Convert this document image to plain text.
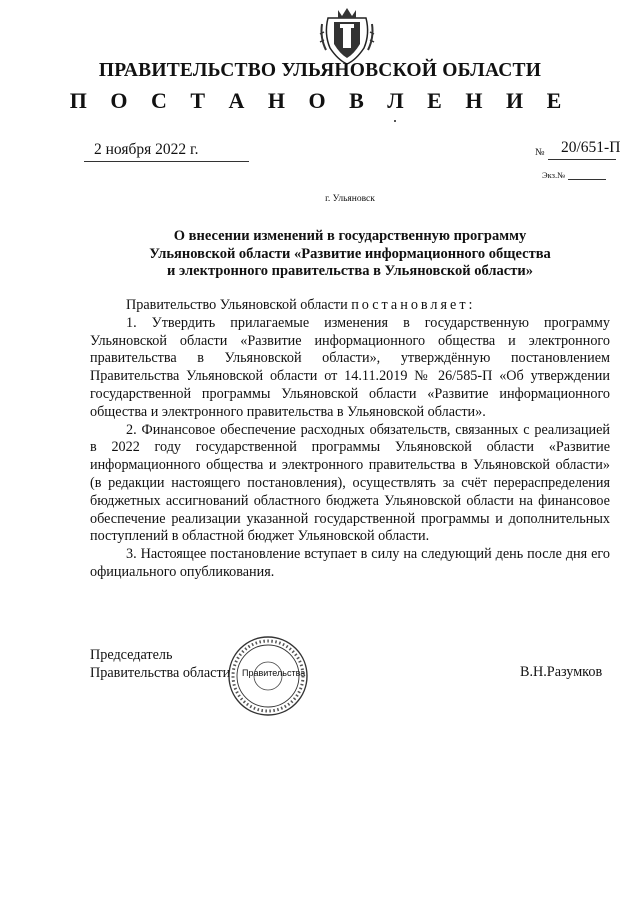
ПРАВИТЕЛЬСТВО УЛЬЯНОВСКОЙ ОБЛАСТИ
П О С Т А Н О В Л Е Н И Е
2 ноября 2022 г.	№ 20/651-П
Экз.№
г. Ульяновск
О внесении изменений в государственную программу
Ульяновской области «Развитие информационного общества
и электронного правительства в Ульяновской области»

Правительство Ульяновской области постановляет:

1. Утвердить прилагаемые изменения в государственную программу Ульяновской области «Развитие информационного общества и электронного правительства в Ульяновской области», утверждённую постановлением Правительства Ульяновской области от 14.11.2019 № 26/585-П «Об утверждении государственной программы Ульяновской области «Развитие информационного общества и электронного правительства в Ульяновской области».

2. Финансовое обеспечение расходных обязательств, связанных с реализацией в 2022 году государственной программы Ульяновской области «Развитие информационного общества и электронного правительства в Ульяновской области» (в редакции настоящего постановления), осуществлять за счёт перераспределения бюджетных ассигнований областного бюджета Ульяновской области на финансовое обеспечение реализации указанной государственной программы и дополнительных поступлений в областной бюджет Ульяновской области.

3. Настоящее постановление вступает в силу на следующий день после дня его официального опубликования.

Председатель
Правительства области Правительства	В.Н.Разумков
